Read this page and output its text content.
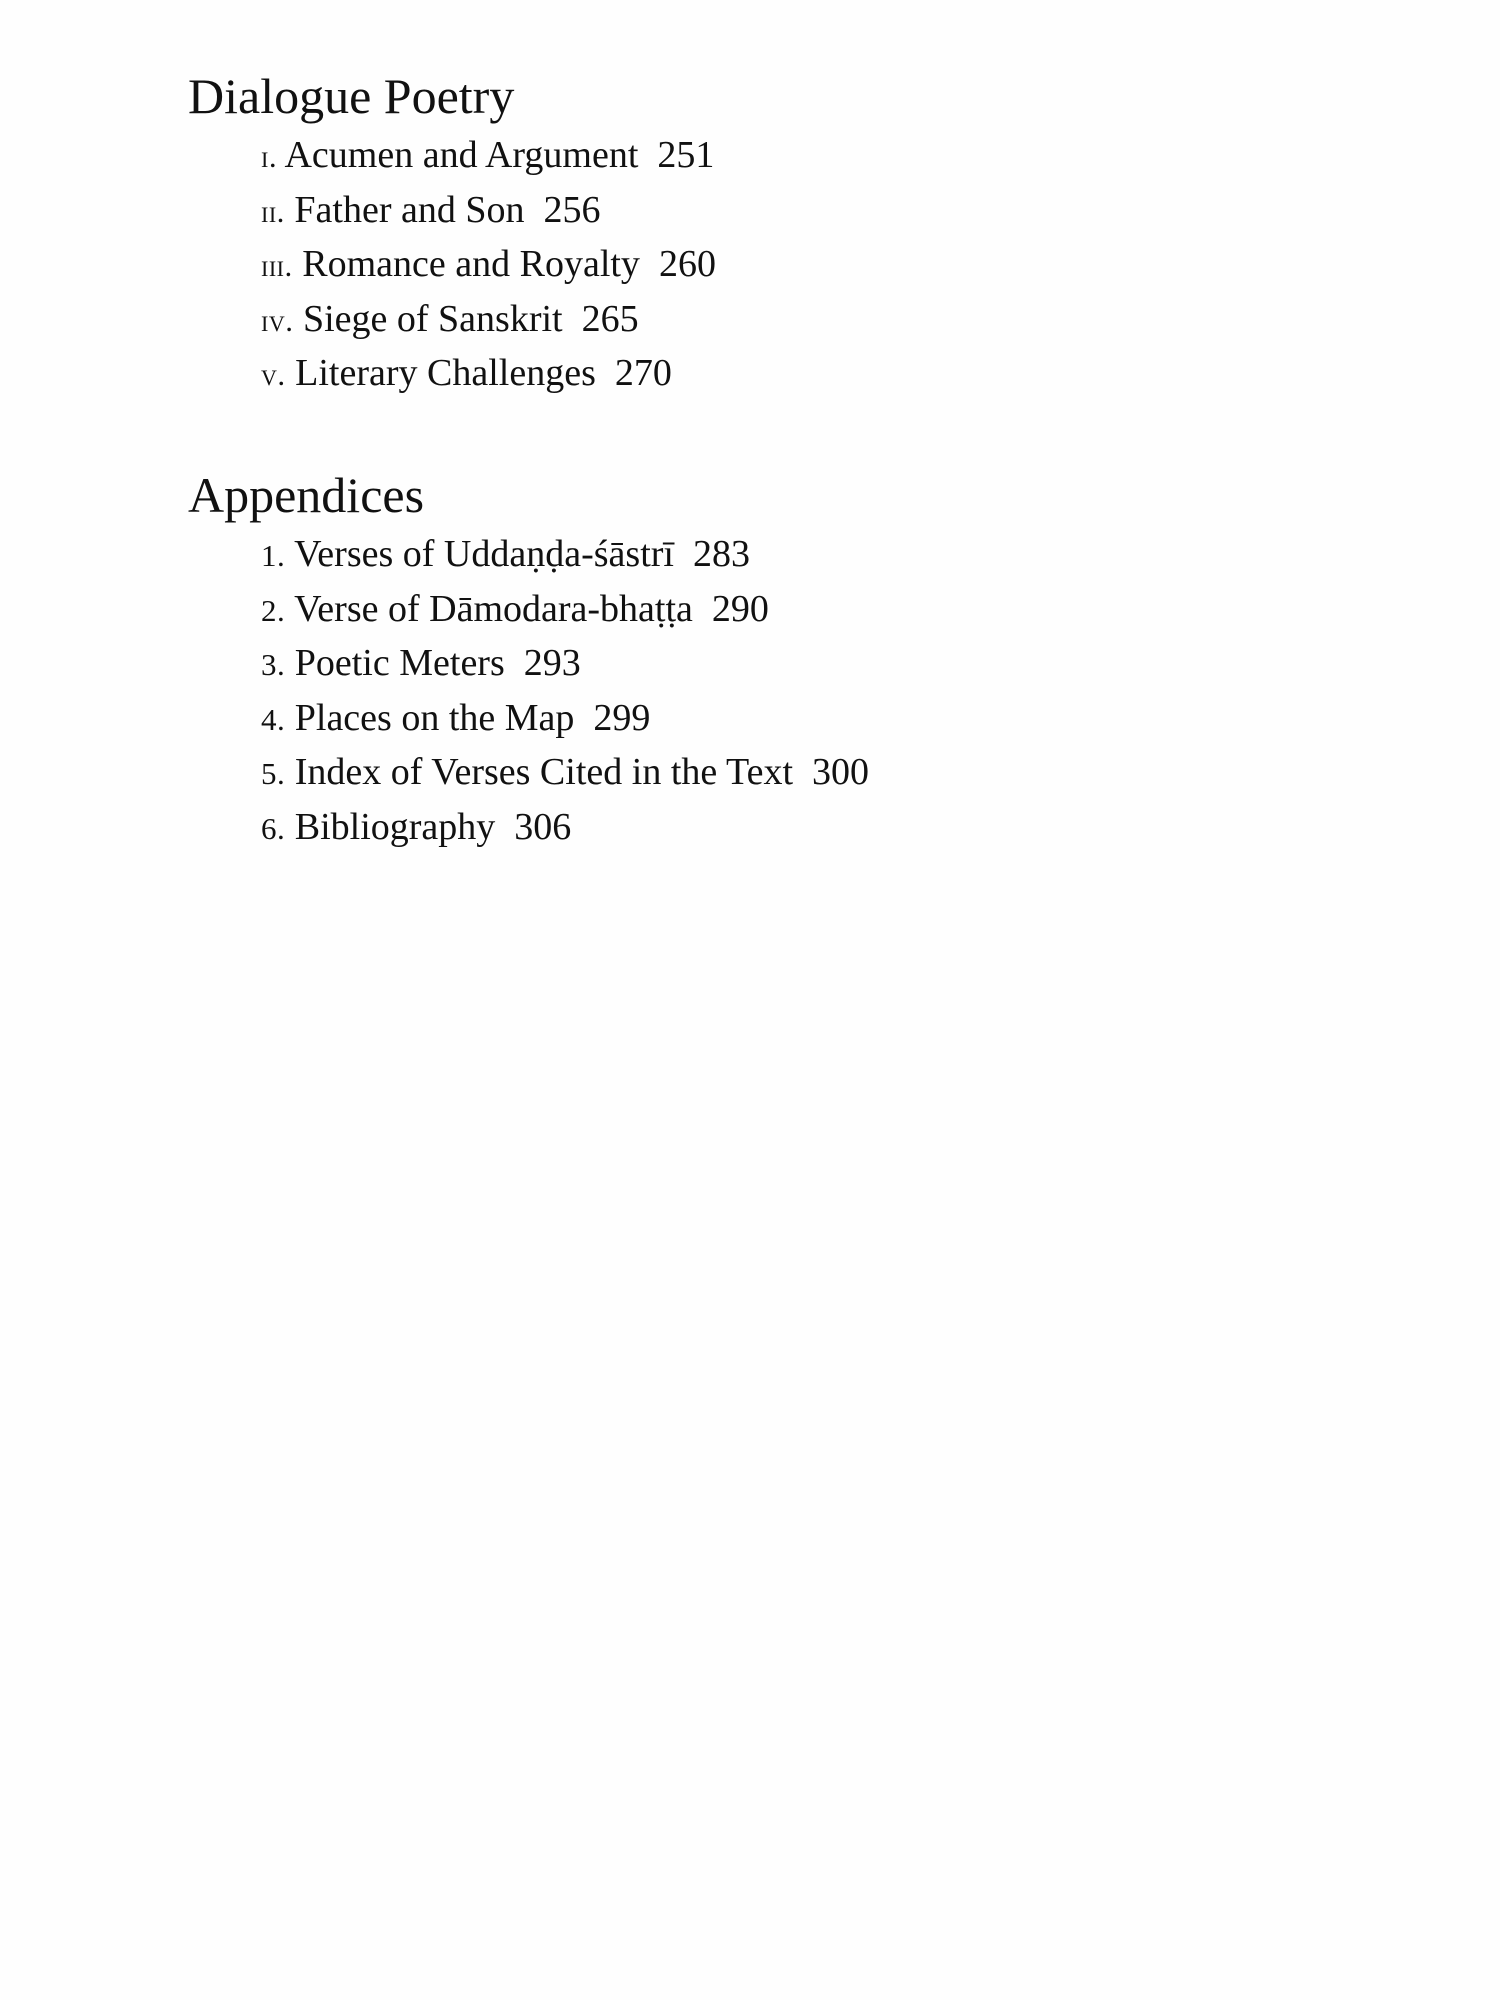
Dialogue Poetry
i. Acumen and Argument 251
ii. Father and Son 256
iii. Romance and Royalty 260
iv. Siege of Sanskrit 265
v. Literary Challenges 270
Appendices
1. Verses of Uddaṇḍa-śāstrī 283
2. Verse of Dāmodara-bhaṭṭa 290
3. Poetic Meters 293
4. Places on the Map 299
5. Index of Verses Cited in the Text 300
6. Bibliography 306
